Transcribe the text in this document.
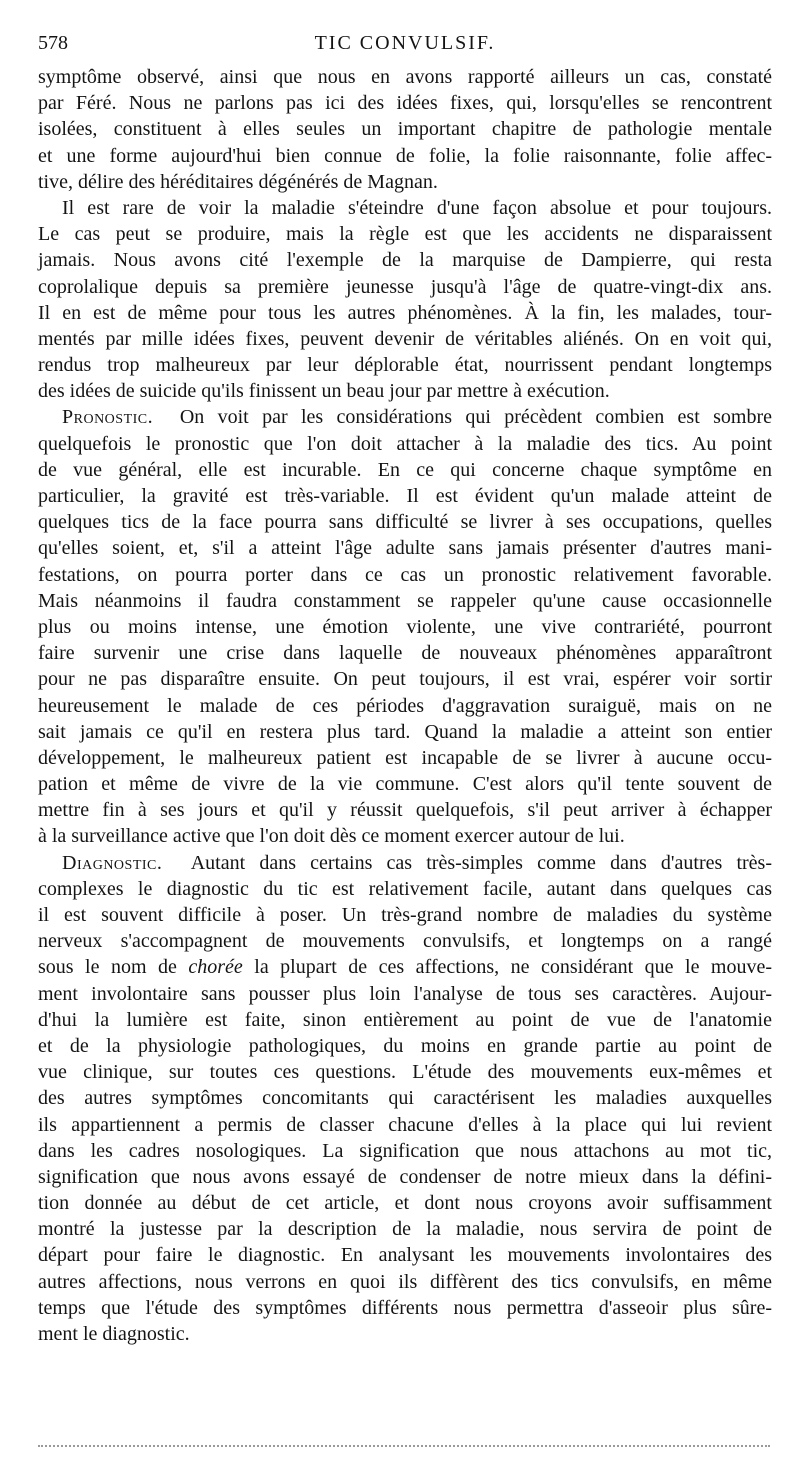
578	TIC CONVULSIF.
symptôme observé, ainsi que nous en avons rapporté ailleurs un cas, constaté
par Féré. Nous ne parlons pas ici des idées fixes, qui, lorsqu'elles se rencontrent
isolées, constituent à elles seules un important chapitre de pathologie mentale
et une forme aujourd'hui bien connue de folie, la folie raisonnante, folie affec-
tive, délire des héréditaires dégénérés de Magnan.
Il est rare de voir la maladie s'éteindre d'une façon absolue et pour toujours.
Le cas peut se produire, mais la règle est que les accidents ne disparaissent
jamais. Nous avons cité l'exemple de la marquise de Dampierre, qui resta
coprolalique depuis sa première jeunesse jusqu'à l'âge de quatre-vingt-dix ans.
Il en est de même pour tous les autres phénomènes. À la fin, les malades, tour-
mentés par mille idées fixes, peuvent devenir de véritables aliénés. On en voit qui,
rendus trop malheureux par leur déplorable état, nourrissent pendant longtemps
des idées de suicide qu'ils finissent un beau jour par mettre à exécution.
Pronostic. On voit par les considérations qui précèdent combien est sombre
quelquefois le pronostic que l'on doit attacher à la maladie des tics. Au point
de vue général, elle est incurable. En ce qui concerne chaque symptôme en
particulier, la gravité est très-variable. Il est évident qu'un malade atteint de
quelques tics de la face pourra sans difficulté se livrer à ses occupations, quelles
qu'elles soient, et, s'il a atteint l'âge adulte sans jamais présenter d'autres mani-
festations, on pourra porter dans ce cas un pronostic relativement favorable.
Mais néanmoins il faudra constamment se rappeler qu'une cause occasionnelle
plus ou moins intense, une émotion violente, une vive contrariété, pourront
faire survenir une crise dans laquelle de nouveaux phénomènes apparaîtront
pour ne pas disparaître ensuite. On peut toujours, il est vrai, espérer voir sortir
heureusement le malade de ces périodes d'aggravation suraiguë, mais on ne
sait jamais ce qu'il en restera plus tard. Quand la maladie a atteint son entier
développement, le malheureux patient est incapable de se livrer à aucune occu-
pation et même de vivre de la vie commune. C'est alors qu'il tente souvent de
mettre fin à ses jours et qu'il y réussit quelquefois, s'il peut arriver à échapper
à la surveillance active que l'on doit dès ce moment exercer autour de lui.
Diagnostic. Autant dans certains cas très-simples comme dans d'autres très-
complexes le diagnostic du tic est relativement facile, autant dans quelques cas
il est souvent difficile à poser. Un très-grand nombre de maladies du système
nerveux s'accompagnent de mouvements convulsifs, et longtemps on a rangé
sous le nom de chorée la plupart de ces affections, ne considérant que le mouve-
ment involontaire sans pousser plus loin l'analyse de tous ses caractères. Aujour-
d'hui la lumière est faite, sinon entièrement au point de vue de l'anatomie
et de la physiologie pathologiques, du moins en grande partie au point de
vue clinique, sur toutes ces questions. L'étude des mouvements eux-mêmes et
des autres symptômes concomitants qui caractérisent les maladies auxquelles
ils appartiennent a permis de classer chacune d'elles à la place qui lui revient
dans les cadres nosologiques. La signification que nous attachons au mot tic,
signification que nous avons essayé de condenser de notre mieux dans la défini-
tion donnée au début de cet article, et dont nous croyons avoir suffisamment
montré la justesse par la description de la maladie, nous servira de point de
départ pour faire le diagnostic. En analysant les mouvements involontaires des
autres affections, nous verrons en quoi ils diffèrent des tics convulsifs, en même
temps que l'étude des symptômes différents nous permettra d'asseoir plus sûre-
ment le diagnostic.
